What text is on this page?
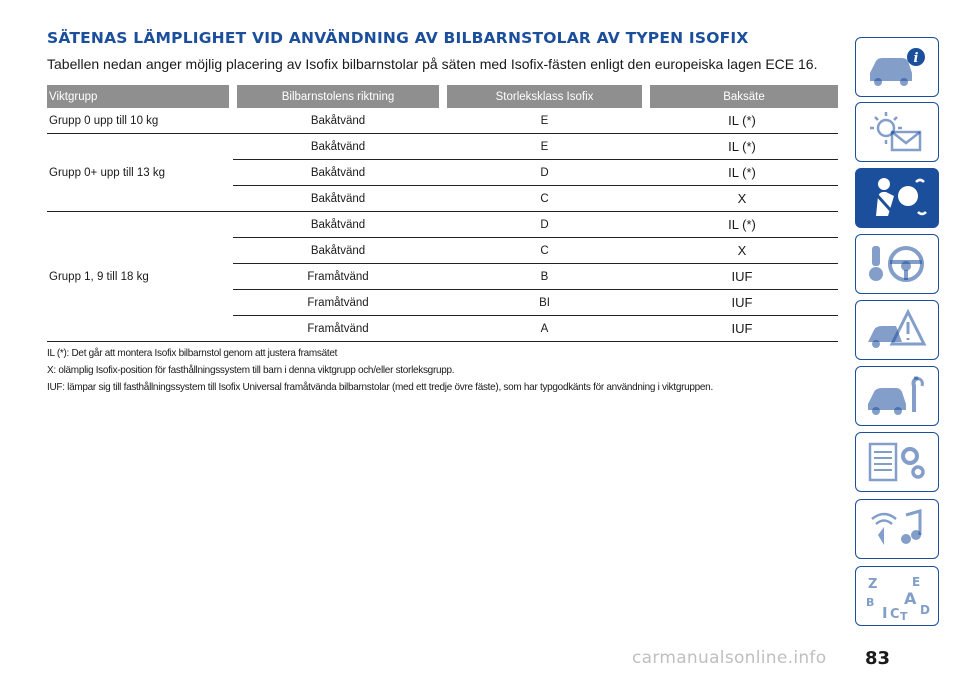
SÄTENAS LÄMPLIGHET VID ANVÄNDNING AV BILBARNSTOLAR AV TYPEN ISOFIX
Tabellen nedan anger möjlig placering av Isofix bilbarnstolar på säten med Isofix-fästen enligt den europeiska lagen ECE 16.
Viktgrupp	Bilbarnstolens riktning	Storleksklass Isofix	Baksäte
Grupp 0 upp till 10 kg	Bakåtvänd	E	IL (*)
Grupp 0+ upp till 13 kg	Bakåtvänd	E	IL (*)
	Bakåtvänd	D	IL (*)
	Bakåtvänd	C	X
Grupp 1, 9 till 18 kg	Bakåtvänd	D	IL (*)
	Bakåtvänd	C	X
	Framåtvänd	B	IUF
	Framåtvänd	BI	IUF
	Framåtvänd	A	IUF
IL (*): Det går att montera Isofix bilbarnstol genom att justera framsätet
X: olämplig Isofix-position för fasthållningssystem till barn i denna viktgrupp och/eller storleksgrupp.
IUF: lämpar sig till fasthållningssystem till Isofix Universal framåtvända bilbarnstolar (med ett tredje övre fäste), som har typgodkänts för användning i viktgruppen.
i
Z	E
B A
I C D
T
carmanualsonline.info 83
